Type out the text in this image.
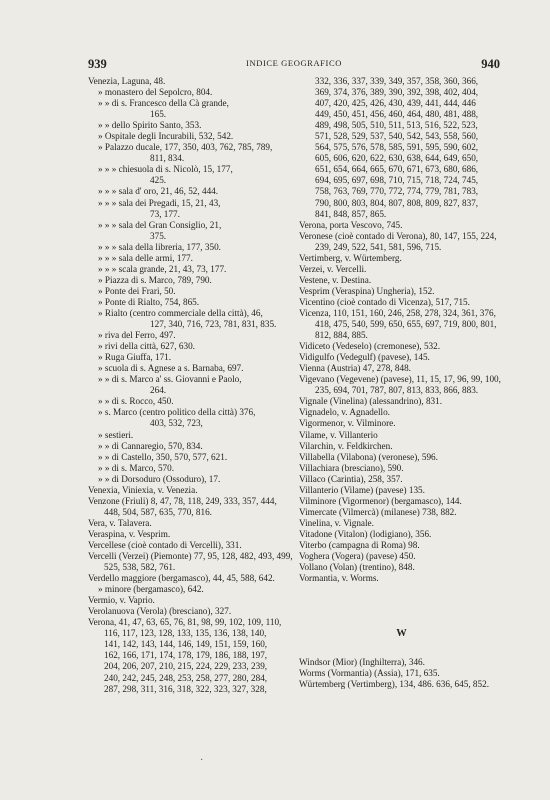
939	INDICE GEOGRAFICO	940
Venezia, Laguna, 48.
» monastero del Sepolcro, 804.
» » di s. Francesco della Cà grande,
165.
» » dello Spirito Santo, 353.
» Ospitale degli Incurabili, 532, 542.
» Palazzo ducale, 177, 350, 403, 762, 785, 789,
811, 834.
» » » chiesuola di s. Nicolò, 15, 177,
425.
» » » sala d' oro, 21, 46, 52, 444.
» » » sala dei Pregadi, 15, 21, 43,
73, 177.
» » » sala del Gran Consiglio, 21,
375.
» » » sala della libreria, 177, 350.
» » » sala delle armi, 177.
» » » scala grande, 21, 43, 73, 177.
» Piazza di s. Marco, 789, 790.
» Ponte dei Frari, 50.
» Ponte di Rialto, 754, 865.
» Rialto (centro commerciale della città), 46,
127, 340, 716, 723, 781, 831, 835.
» riva del Ferro, 497.
» rivi della città, 627, 630.
» Ruga Giuffa, 171.
» scuola di s. Agnese a s. Barnaba, 697.
» » di s. Marco a' ss. Giovanni e Paolo,
264.
» » di s. Rocco, 450.
» s. Marco (centro politico della città) 376,
403, 532, 723,
» sestieri.
» » di Cannaregio, 570, 834.
» » di Castello, 350, 570, 577, 621.
» » di s. Marco, 570.
» » di Dorsoduro (Ossoduro), 17.
Venexia, Viniexia, v. Venezia.
Venzone (Friuli) 8, 47, 78, 118, 249, 333, 357, 444,
448, 504, 587, 635, 770, 816.
Vera, v. Talavera.
Veraspina, v. Vesprim.
Vercellese (cioè contado di Vercelli), 331.
Vercelli (Verzei) (Piemonte) 77, 95, 128, 482, 493, 499,
525, 538, 582, 761.
Verdello maggiore (bergamasco), 44, 45, 588, 642.
» minore (bergamasco), 642.
Vermio, v. Vaprio.
Verolanuova (Verola) (bresciano), 327.
Verona, 41, 47, 63, 65, 76, 81, 98, 99, 102, 109, 110,
116, 117, 123, 128, 133, 135, 136, 138, 140,
141, 142, 143, 144, 146, 149, 151, 159, 160,
162, 166, 171, 174, 178, 179, 186, 188, 197,
204, 206, 207, 210, 215, 224, 229, 233, 239,
240, 242, 245, 248, 253, 258, 277, 280, 284,
287, 298, 311, 316, 318, 322, 323, 327, 328,
332, 336, 337, 339, 349, 357, 358, 360, 366,
369, 374, 376, 389, 390, 392, 398, 402, 404,
407, 420, 425, 426, 430, 439, 441, 444, 446
449, 450, 451, 456, 460, 464, 480, 481, 488,
489, 498, 505, 510, 511, 513, 516, 522, 523,
571, 528, 529, 537, 540, 542, 543, 558, 560,
564, 575, 576, 578, 585, 591, 595, 590, 602,
605, 606, 620, 622, 630, 638, 644, 649, 650,
651, 654, 664, 665, 670, 671, 673, 680, 686,
694, 695, 697, 698, 710, 715, 718, 724, 745,
758, 763, 769, 770, 772, 774, 779, 781, 783,
790, 800, 803, 804, 807, 808, 809, 827, 837,
841, 848, 857, 865.
Verona, porta Vescovo, 745.
Veronese (cioè contado di Verona), 80, 147, 155, 224,
239, 249, 522, 541, 581, 596, 715.
Vertimberg, v. Würtemberg.
Verzei, v. Vercelli.
Vestene, v. Destina.
Vesprim (Veraspina) Ungheria), 152.
Vicentino (cioè contado di Vicenza), 517, 715.
Vicenza, 110, 151, 160, 246, 258, 278, 324, 361, 376,
418, 475, 540, 599, 650, 655, 697, 719, 800, 801,
812, 884, 885.
Vidiceto (Vedeselo) (cremonese), 532.
Vidigulfo (Vedegulf) (pavese), 145.
Vienna (Austria) 47, 278, 848.
Vigevano (Vegevene) (pavese), 11, 15, 17, 96, 99, 100,
235, 694, 701, 787, 807, 813, 833, 866, 883.
Vignale (Vinelina) (alessandrino), 831.
Vignadelo, v. Agnadello.
Vigormenor, v. Vilminore.
Vilame, v. Villanterio
Vilarchin, v. Feldkirchen.
Villabella (Vilabona) (veronese), 596.
Villachiara (bresciano), 590.
Villaco (Carintia), 258, 357.
Villanterio (Vilame) (pavese) 135.
Vilminore (Vigormenor) (bergamasco), 144.
Vimercate (Vilmercà) (milanese) 738, 882.
Vinelina, v. Vignale.
Vitadone (Vitalon) (lodigiano), 356.
Viterbo (campagna di Roma) 98.
Voghera (Vogera) (pavese) 450.
Vollano (Volan) (trentino), 848.
Vormantia, v. Worms.
W
Windsor (Mior) (Inghilterra), 346.
Worms (Vormantia) (Assia), 171, 635.
Würtemberg (Vertimberg), 134, 486. 636, 645, 852.
·
